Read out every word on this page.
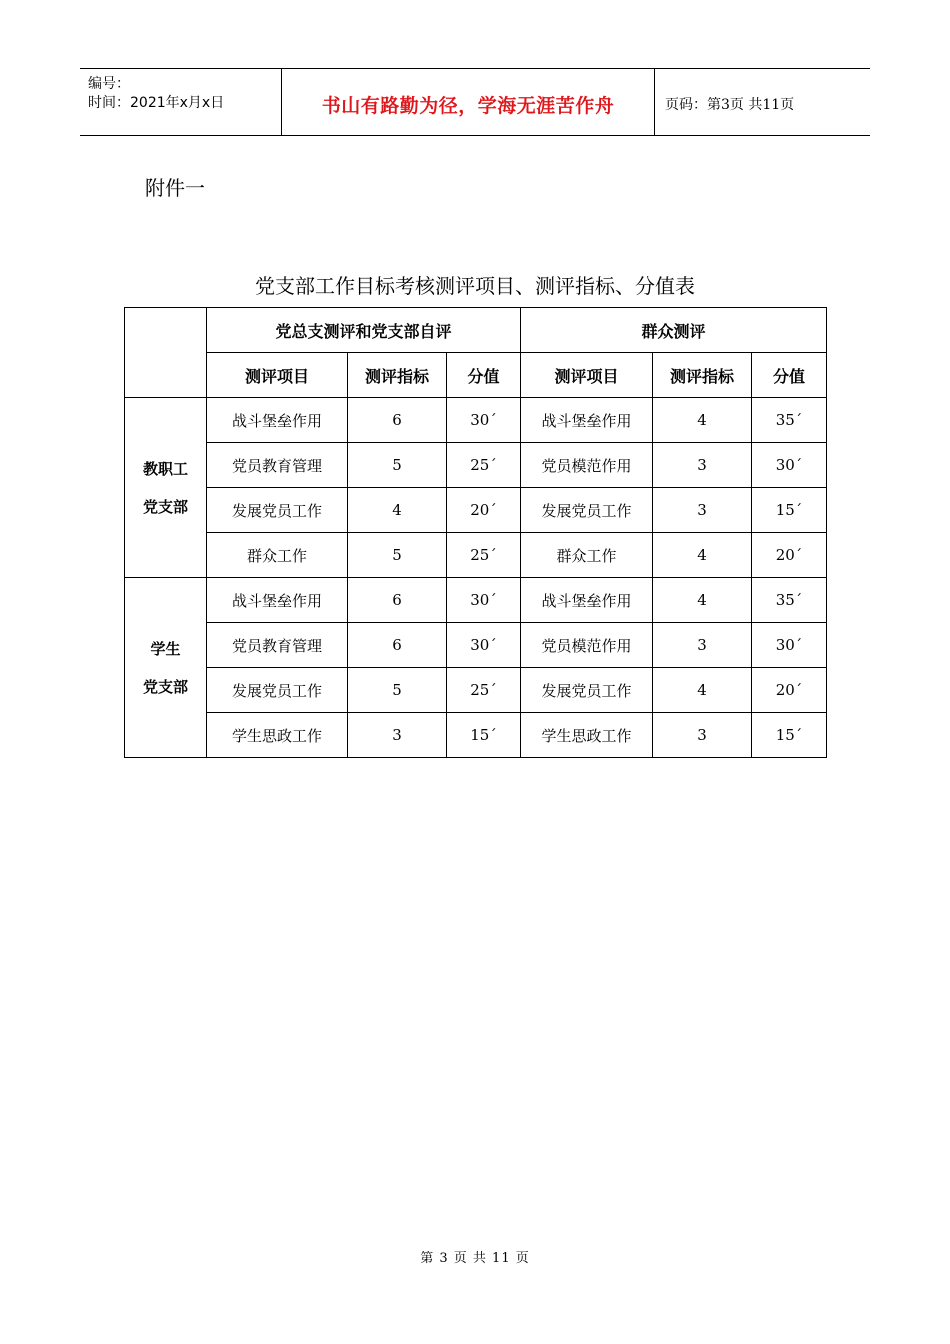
编号：
时间：2021年x月x日	书山有路勤为径，学海无涯苦作舟	页码：第3页 共11页
附件一
党支部工作目标考核测评项目、测评指标、分值表
	党总支测评和党支部自评			群众测评		
	测评项目	测评指标	分值	测评项目	测评指标	分值

教职工
党支部	战斗堡垒作用	6	30´	战斗堡垒作用	4	35´
	党员教育管理	5	25´	党员模范作用	3	30´
	发展党员工作	4	20´	发展党员工作	3	15´
	群众工作	5	25´	群众工作	4	20´

学生
党支部	战斗堡垒作用	6	30´	战斗堡垒作用	4	35´
	党员教育管理	6	30´	党员模范作用	3	30´
	发展党员工作	5	25´	发展党员工作	4	20´
	学生思政工作	3	15´	学生思政工作	3	15´
第 3 页 共 11 页
